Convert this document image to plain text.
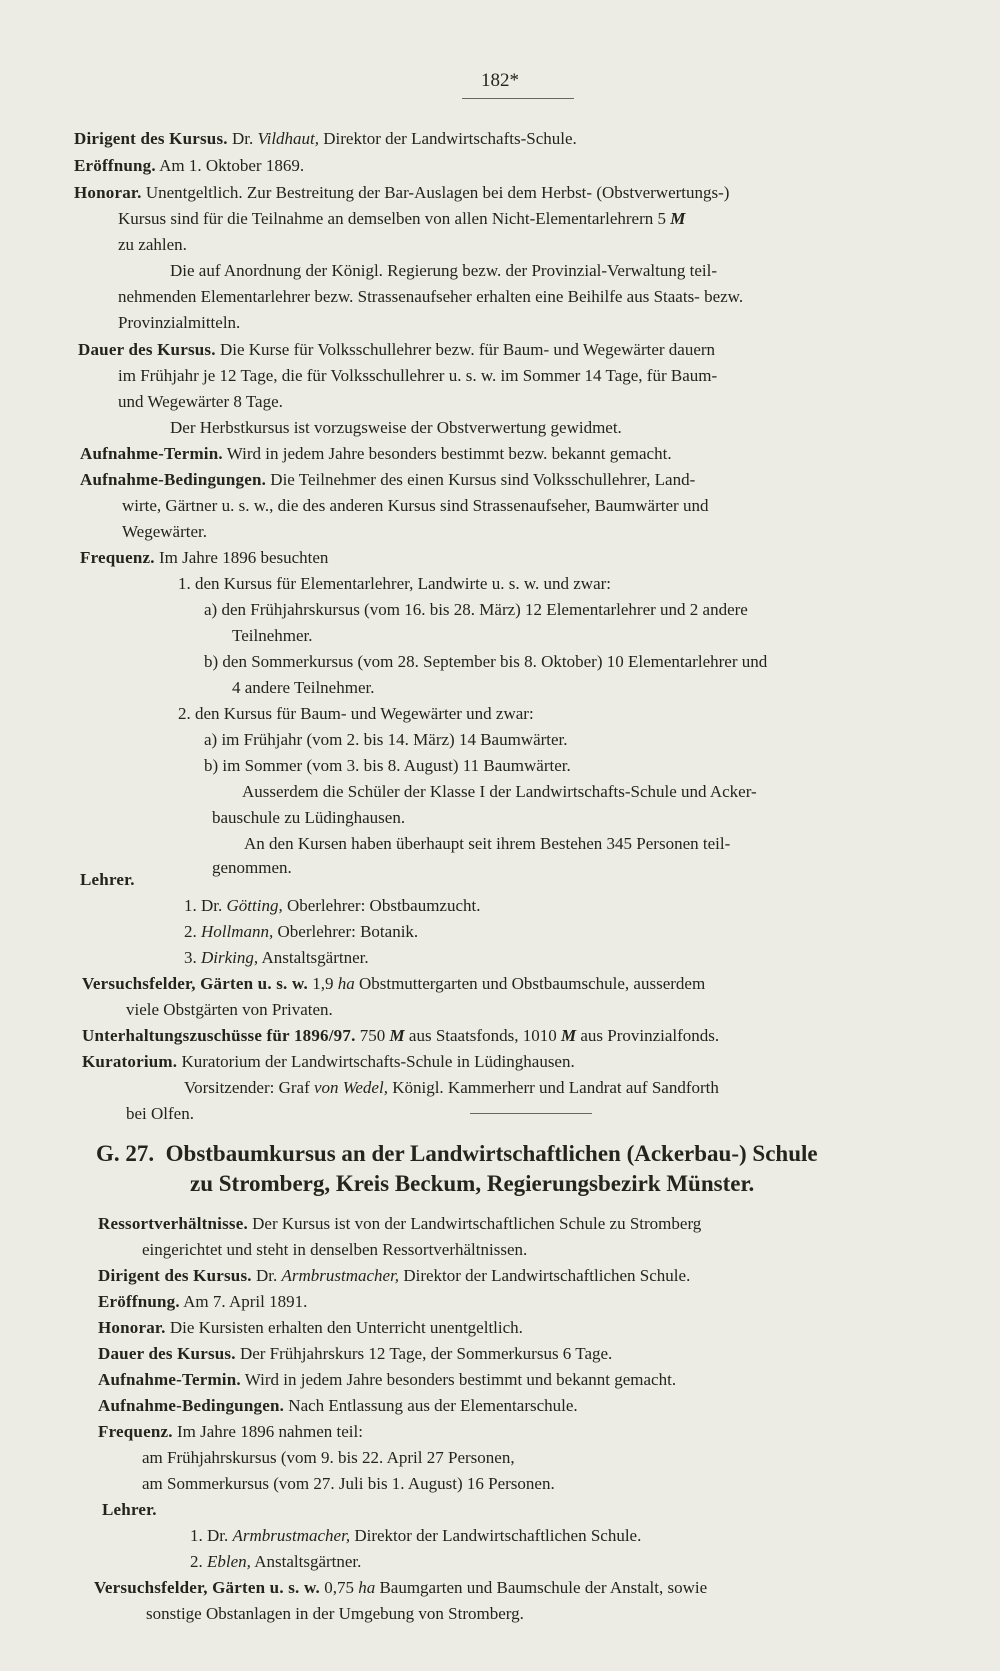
182*
Dirigent des Kursus. Dr. Vildhaut, Direktor der Landwirtschafts-Schule.
Eröffnung. Am 1. Oktober 1869.
Honorar. Unentgeltlich. Zur Bestreitung der Bar-Auslagen bei dem Herbst- (Obstverwertungs-)
Kursus sind für die Teilnahme an demselben von allen Nicht-Elementarlehrern 5 M
zu zahlen.
Die auf Anordnung der Königl. Regierung bezw. der Provinzial-Verwaltung teil-
nehmenden Elementarlehrer bezw. Strassenaufseher erhalten eine Beihilfe aus Staats- bezw.
Provinzialmitteln.
Dauer des Kursus. Die Kurse für Volksschullehrer bezw. für Baum- und Wegewärter dauern
im Frühjahr je 12 Tage, die für Volksschullehrer u. s. w. im Sommer 14 Tage, für Baum-
und Wegewärter 8 Tage.
Der Herbstkursus ist vorzugsweise der Obstverwertung gewidmet.
Aufnahme-Termin. Wird in jedem Jahre besonders bestimmt bezw. bekannt gemacht.
Aufnahme-Bedingungen. Die Teilnehmer des einen Kursus sind Volksschullehrer, Land-
wirte, Gärtner u. s. w., die des anderen Kursus sind Strassenaufseher, Baumwärter und
Wegewärter.
Frequenz. Im Jahre 1896 besuchten
1. den Kursus für Elementarlehrer, Landwirte u. s. w. und zwar:
a) den Frühjahrskursus (vom 16. bis 28. März) 12 Elementarlehrer und 2 andere
Teilnehmer.
b) den Sommerkursus (vom 28. September bis 8. Oktober) 10 Elementarlehrer und
4 andere Teilnehmer.
2. den Kursus für Baum- und Wegewärter und zwar:
a) im Frühjahr (vom 2. bis 14. März) 14 Baumwärter.
b) im Sommer (vom 3. bis 8. August) 11 Baumwärter.
Ausserdem die Schüler der Klasse I der Landwirtschafts-Schule und Acker-
bauschule zu Lüdinghausen.
An den Kursen haben überhaupt seit ihrem Bestehen 345 Personen teil-
genommen.
Lehrer.
1. Dr. Götting, Oberlehrer: Obstbaumzucht.
2. Hollmann, Oberlehrer: Botanik.
3. Dirking, Anstaltsgärtner.
Versuchsfelder, Gärten u. s. w. 1,9 ha Obstmuttergarten und Obstbaumschule, ausserdem
viele Obstgärten von Privaten.
Unterhaltungszuschüsse für 1896/97. 750 M aus Staatsfonds, 1010 M aus Provinzialfonds.
Kuratorium. Kuratorium der Landwirtschafts-Schule in Lüdinghausen.
Vorsitzender: Graf von Wedel, Königl. Kammerherr und Landrat auf Sandforth
bei Olfen.
G. 27. Obstbaumkursus an der Landwirtschaftlichen (Ackerbau-) Schule
zu Stromberg, Kreis Beckum, Regierungsbezirk Münster.
Ressortverhältnisse. Der Kursus ist von der Landwirtschaftlichen Schule zu Stromberg
eingerichtet und steht in denselben Ressortverhältnissen.
Dirigent des Kursus. Dr. Armbrustmacher, Direktor der Landwirtschaftlichen Schule.
Eröffnung. Am 7. April 1891.
Honorar. Die Kursisten erhalten den Unterricht unentgeltlich.
Dauer des Kursus. Der Frühjahrskurs 12 Tage, der Sommerkursus 6 Tage.
Aufnahme-Termin. Wird in jedem Jahre besonders bestimmt und bekannt gemacht.
Aufnahme-Bedingungen. Nach Entlassung aus der Elementarschule.
Frequenz. Im Jahre 1896 nahmen teil:
am Frühjahrskursus (vom 9. bis 22. April 27 Personen,
am Sommerkursus (vom 27. Juli bis 1. August) 16 Personen.
Lehrer.
1. Dr. Armbrustmacher, Direktor der Landwirtschaftlichen Schule.
2. Eblen, Anstaltsgärtner.
Versuchsfelder, Gärten u. s. w. 0,75 ha Baumgarten und Baumschule der Anstalt, sowie
sonstige Obstanlagen in der Umgebung von Stromberg.
